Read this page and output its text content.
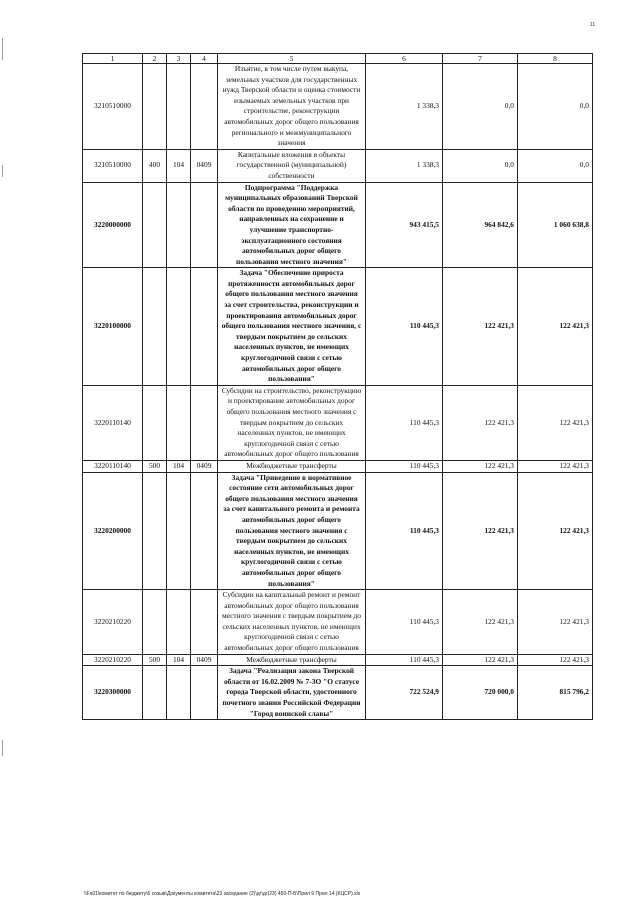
11
1	2	3	4	5	6	7	8
3210510000				Изъятие, в том числе путем выкупа, земельных участков для государственных нужд Тверской области и оценка стоимости изымаемых земельных участков при строительстве, реконструкции автомобильных дорог общего пользования регионального и межмуниципального значения	1 338,3	0,0	0,0
3210510000	400	104	0409	Капитальные вложения в объекты государственной (муниципальной) собственности	1 338,3	0,0	0,0
3220000000				Подпрограмма "Поддержка муниципальных образований Тверской области по проведению мероприятий, направленных на сохранение и улучшение транспортно-эксплуатационного состояния автомобильных дорог общего пользования местного значения"	943 415,5	964 842,6	1 060 638,8
3220100000				Задача "Обеспечение прироста протяженности автомобильных дорог общего пользования местного значения за счет строительства, реконструкции и проектирования автомобильных дорог общего пользования местного значения, с твердым покрытием до сельских населенных пунктов, не имеющих круглогодичной связи с сетью автомобильных дорог общего пользования"	110 445,3	122 421,3	122 421,3
3220110140				Субсидии на строительство, реконструкцию и проектирование автомобильных дорог общего пользования местного значения с твердым покрытием до сельских населенных пунктов, не имеющих круглогодичной связи с сетью автомобильных дорог общего пользования	110 445,3	122 421,3	122 421,3
3220110140	500	104	0409	Межбюджетные трансферты	110 445,3	122 421,3	122 421,3
3220200000				Задача "Приведение в нормативное состояние сети автомобильных дорог общего пользования местного значения за счет капитального ремонта и ремонта автомобильных дорог общего пользования местного значения с твердым покрытием до сельских населенных пунктов, не имеющих круглогодичной связи с сетью автомобильных дорог общего пользования"	110 445,3	122 421,3	122 421,3
3220210220				Субсидии на капитальный ремонт и ремонт автомобильных дорог общего пользования местного значения с твердым покрытием до сельских населенных пунктов, не имеющих круглогодичной связи с сетью автомобильных дорог общего пользования	110 445,3	122 421,3	122 421,3
3220210220	500	104	0409	Межбюджетные трансферты	110 445,3	122 421,3	122 421,3
3220300000				Задача "Реализация закона Тверской области от 16.02.2009 № 7-ЗО "О статусе города Тверской области, удостоенного почетного звания Российской Федерации "Город воинской славы"	722 524,9	720 000,0	815 796,2
\\Fs01\комитет по бюджету\6 созыв\Документы комитета\23 заседание (2)\дг\дг(23) 450-П-Б\Прил 9 Прил 14 (КЦСР).xls
